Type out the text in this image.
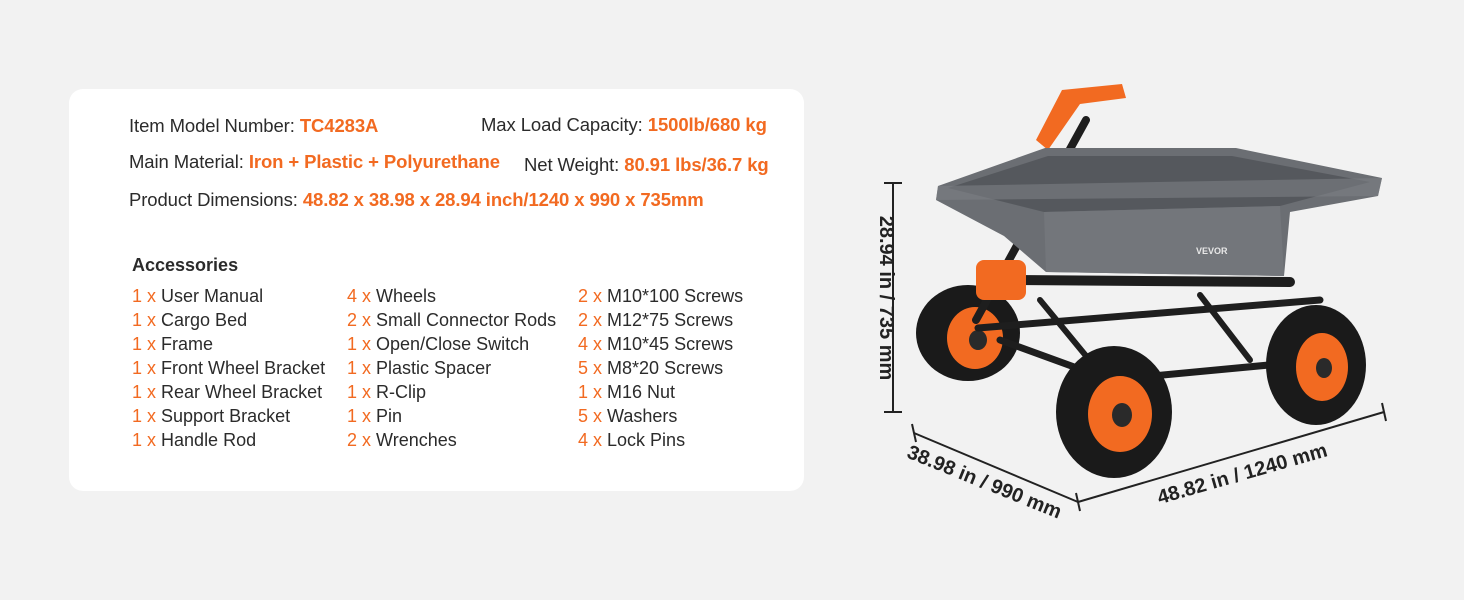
Item Model Number: TC4283A	Max Load Capacity: 1500lb/680 kg
Main Material: Iron + Plastic + Polyurethane Net Weight: 80.91 lbs/36.7 kg
Product Dimensions: 48.82 x 38.98 x 28.94 inch/1240 x 990 x 735mm
Accessories
1 x User Manual
1 x Cargo Bed
1 x Frame
1 x Front Wheel Bracket
1 x Rear Wheel Bracket
1 x Support Bracket
1 x Handle Rod
4 x Wheels
2 x Small Connector Rods
1 x Open/Close Switch
1 x Plastic Spacer
1 x R-Clip
1 x Pin
2 x Wrenches
2 x M10*100 Screws
2 x M12*75 Screws
4 x M10*45 Screws
5 x M8*20 Screws
1 x M16 Nut
5 x Washers
4 x Lock Pins
VEVOR
28.94 in / 735 mm
38.98 in / 990 mm	48.82 in / 1240 mm
